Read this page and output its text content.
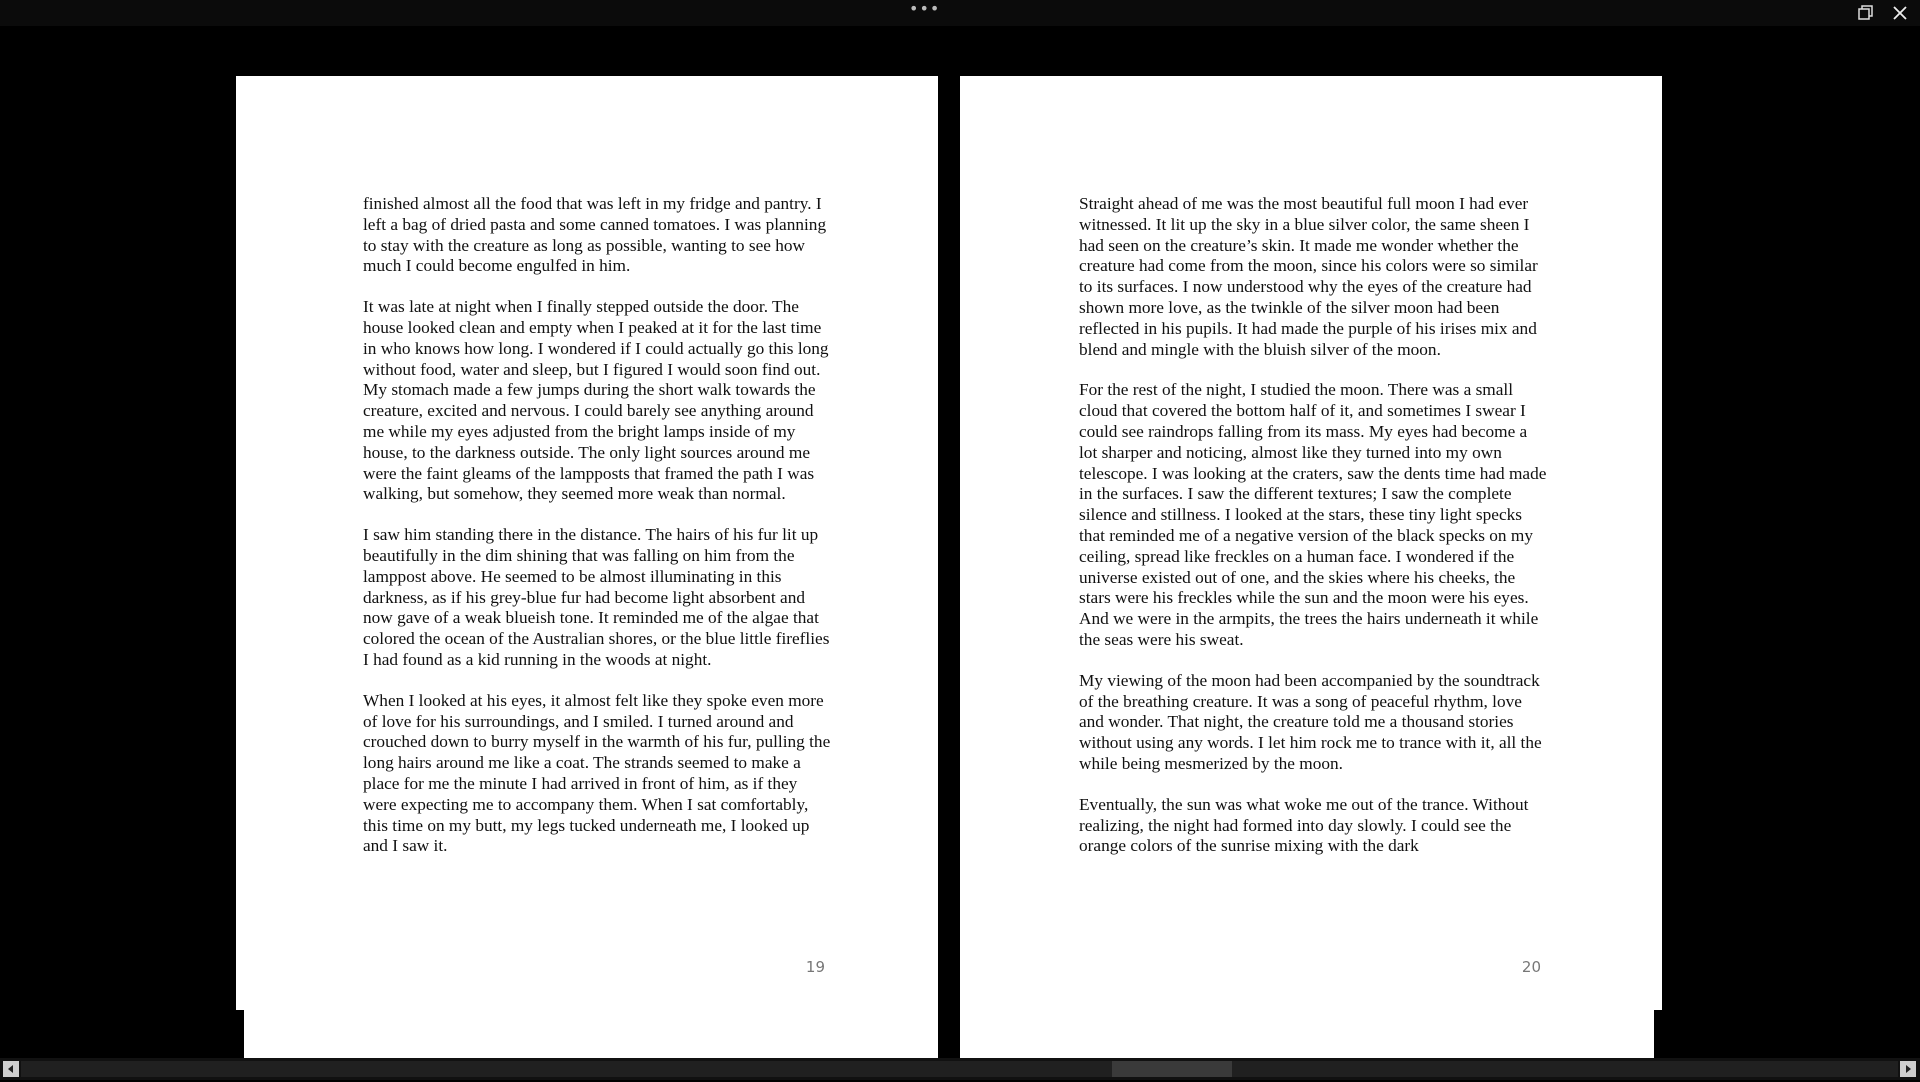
•••

finished almost all the food that was left in my fridge and pantry. I left a bag of dried pasta and some canned tomatoes. I was planning to stay with the creature as long as possible, wanting to see how much I could become engulfed in him.

It was late at night when I finally stepped outside the door. The house looked clean and empty when I peaked at it for the last time in who knows how long. I wondered if I could actually go this long without food, water and sleep, but I figured I would soon find out. My stomach made a few jumps during the short walk towards the creature, excited and nervous. I could barely see anything around me while my eyes adjusted from the bright lamps inside of my house, to the darkness outside. The only light sources around me were the faint gleams of the lampposts that framed the path I was walking, but somehow, they seemed more weak than normal.

I saw him standing there in the distance. The hairs of his fur lit up beautifully in the dim shining that was falling on him from the lamppost above. He seemed to be almost illuminating in this darkness, as if his grey-blue fur had become light absorbent and now gave of a weak blueish tone. It reminded me of the algae that colored the ocean of the Australian shores, or the blue little fireflies I had found as a kid running in the woods at night.

When I looked at his eyes, it almost felt like they spoke even more of love for his surroundings, and I smiled. I turned around and crouched down to burry myself in the warmth of his fur, pulling the long hairs around me like a coat. The strands seemed to make a place for me the minute I had arrived in front of him, as if they were expecting me to accompany them. When I sat comfortably, this time on my butt, my legs tucked underneath me, I looked up and I saw it.

19

Straight ahead of me was the most beautiful full moon I had ever witnessed. It lit up the sky in a blue silver color, the same sheen I had seen on the creature’s skin. It made me wonder whether the creature had come from the moon, since his colors were so similar to its surfaces. I now understood why the eyes of the creature had shown more love, as the twinkle of the silver moon had been reflected in his pupils. It had made the purple of his irises mix and blend and mingle with the bluish silver of the moon.

For the rest of the night, I studied the moon. There was a small cloud that covered the bottom half of it, and sometimes I swear I could see raindrops falling from its mass. My eyes had become a lot sharper and noticing, almost like they turned into my own telescope. I was looking at the craters, saw the dents time had made in the surfaces. I saw the different textures; I saw the complete silence and stillness. I looked at the stars, these tiny light specks that reminded me of a negative version of the black specks on my ceiling, spread like freckles on a human face. I wondered if the universe existed out of one, and the skies where his cheeks, the stars were his freckles while the sun and the moon were his eyes. And we were in the armpits, the trees the hairs underneath it while the seas were his sweat.

My viewing of the moon had been accompanied by the soundtrack of the breathing creature. It was a song of peaceful rhythm, love and wonder. That night, the creature told me a thousand stories without using any words. I let him rock me to trance with it, all the while being mesmerized by the moon.

Eventually, the sun was what woke me out of the trance. Without realizing, the night had formed into day slowly. I could see the orange colors of the sunrise mixing with the dark

20
